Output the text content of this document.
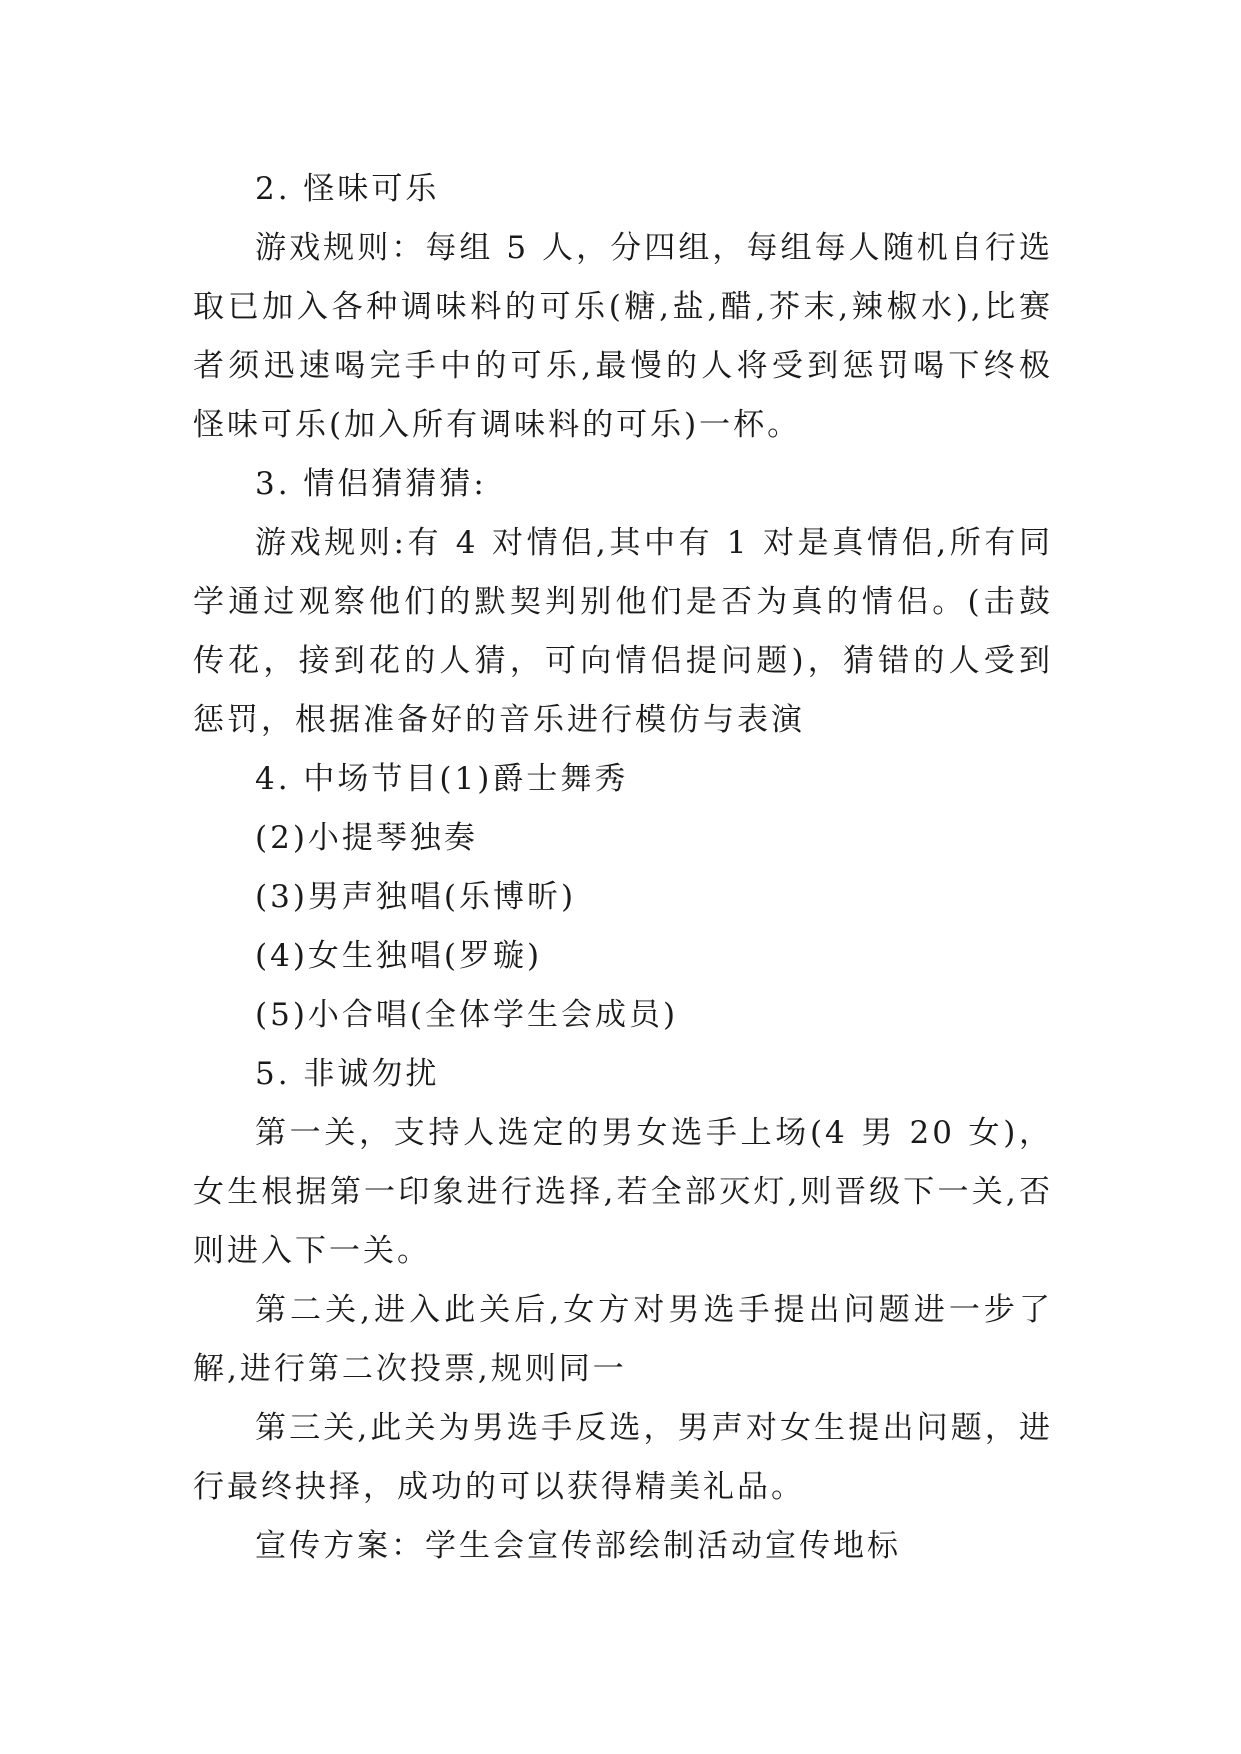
2. 怪味可乐

游戏规则：每组 5 人，分四组，每组每人随机自行选取已加入各种调味料的可乐(糖,盐,醋,芥末,辣椒水),比赛者须迅速喝完手中的可乐,最慢的人将受到惩罚喝下终极怪味可乐(加入所有调味料的可乐)一杯。

3. 情侣猜猜猜:

游戏规则:有 4 对情侣,其中有 1 对是真情侣,所有同学通过观察他们的默契判别他们是否为真的情侣。(击鼓传花，接到花的人猜，可向情侣提问题)，猜错的人受到惩罚，根据准备好的音乐进行模仿与表演

4. 中场节目(1)爵士舞秀

(2)小提琴独奏

(3)男声独唱(乐博昕)

(4)女生独唱(罗璇)

(5)小合唱(全体学生会成员)

5. 非诚勿扰

第一关，支持人选定的男女选手上场(4 男 20 女)，女生根据第一印象进行选择,若全部灭灯,则晋级下一关,否则进入下一关。

第二关,进入此关后,女方对男选手提出问题进一步了解,进行第二次投票,规则同一

第三关,此关为男选手反选，男声对女生提出问题，进行最终抉择，成功的可以获得精美礼品。

宣传方案：学生会宣传部绘制活动宣传地标
